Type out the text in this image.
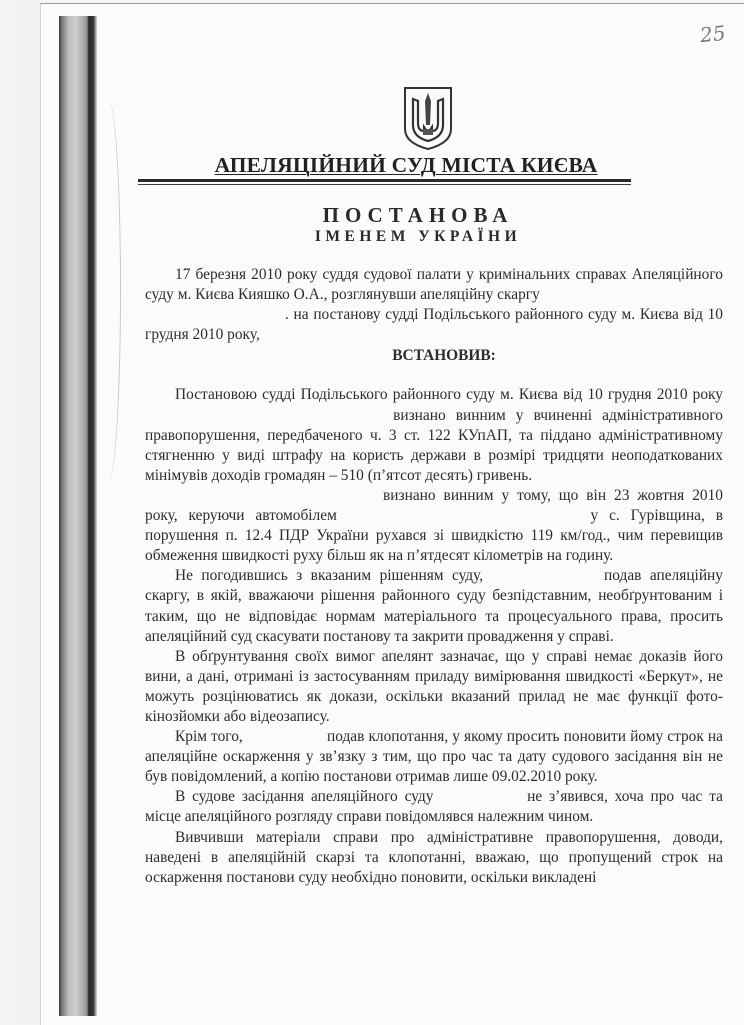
25
АПЕЛЯЦІЙНИЙ СУД МІСТА КИЄВА
ПОСТАНОВА
ІМЕНЕМ УКРАЇНИ

17 березня 2010 року суддя судової палати у кримінальних справах Апеляційного суду м. Києва Кияшко О.А., розглянувши апеляційну скаргу
. на постанову судді Подільського районного суду м. Києва від 10 грудня 2010 року,

ВСТАНОВИВ:

Постановою судді Подільського районного суду м. Києва від 10 грудня 2010 року  визнано винним у вчиненні адміністративного правопорушення, передбаченого ч. 3 ст. 122 КУпАП, та піддано адміністративному стягненню у виді штрафу на користь держави в розмірі тридцяти неоподаткованих мінімувів доходів громадян – 510 (п’ятсот десять) гривень.

визнано винним у тому, що він 23 жовтня 2010 року, керуючи автомобілем	у с. Гурівщина, в порушення п. 12.4 ПДР України рухався зі швидкістю 119 км/год., чим перевищив обмеження швидкості руху більш як на п’ятдесят кілометрів на годину.

Не погодившись з вказаним рішенням суду,	подав апеляційну скаргу, в якій, вважаючи рішення районного суду безпідставним, необґрунтованим і таким, що не відповідає нормам матеріального та процесуального права, просить апеляційний суд скасувати постанову та закрити провадження у справі.

В обґрунтування своїх вимог апелянт зазначає, що у справі немає доказів його вини, а дані, отримані із застосуванням приладу вимірювання швидкості «Беркут», не можуть розцінюватись як докази, оскільки вказаний прилад не має функції фото-кінозйомки або відеозапису.

Крім того,	подав клопотання, у якому просить поновити йому строк на апеляційне оскарження у зв’язку з тим, що про час та дату судового засідання він не був повідомлений, а копію постанови отримав лише 09.02.2010 року.

В судове засідання апеляційного суду	не з’явився, хоча про час та місце апеляційного розгляду справи повідомлявся належним чином.

Вивчивши матеріали справи про адміністративне правопорушення, доводи, наведені в апеляційній скарзі та клопотанні, вважаю, що пропущений строк на оскарження постанови суду необхідно поновити, оскільки викладені
